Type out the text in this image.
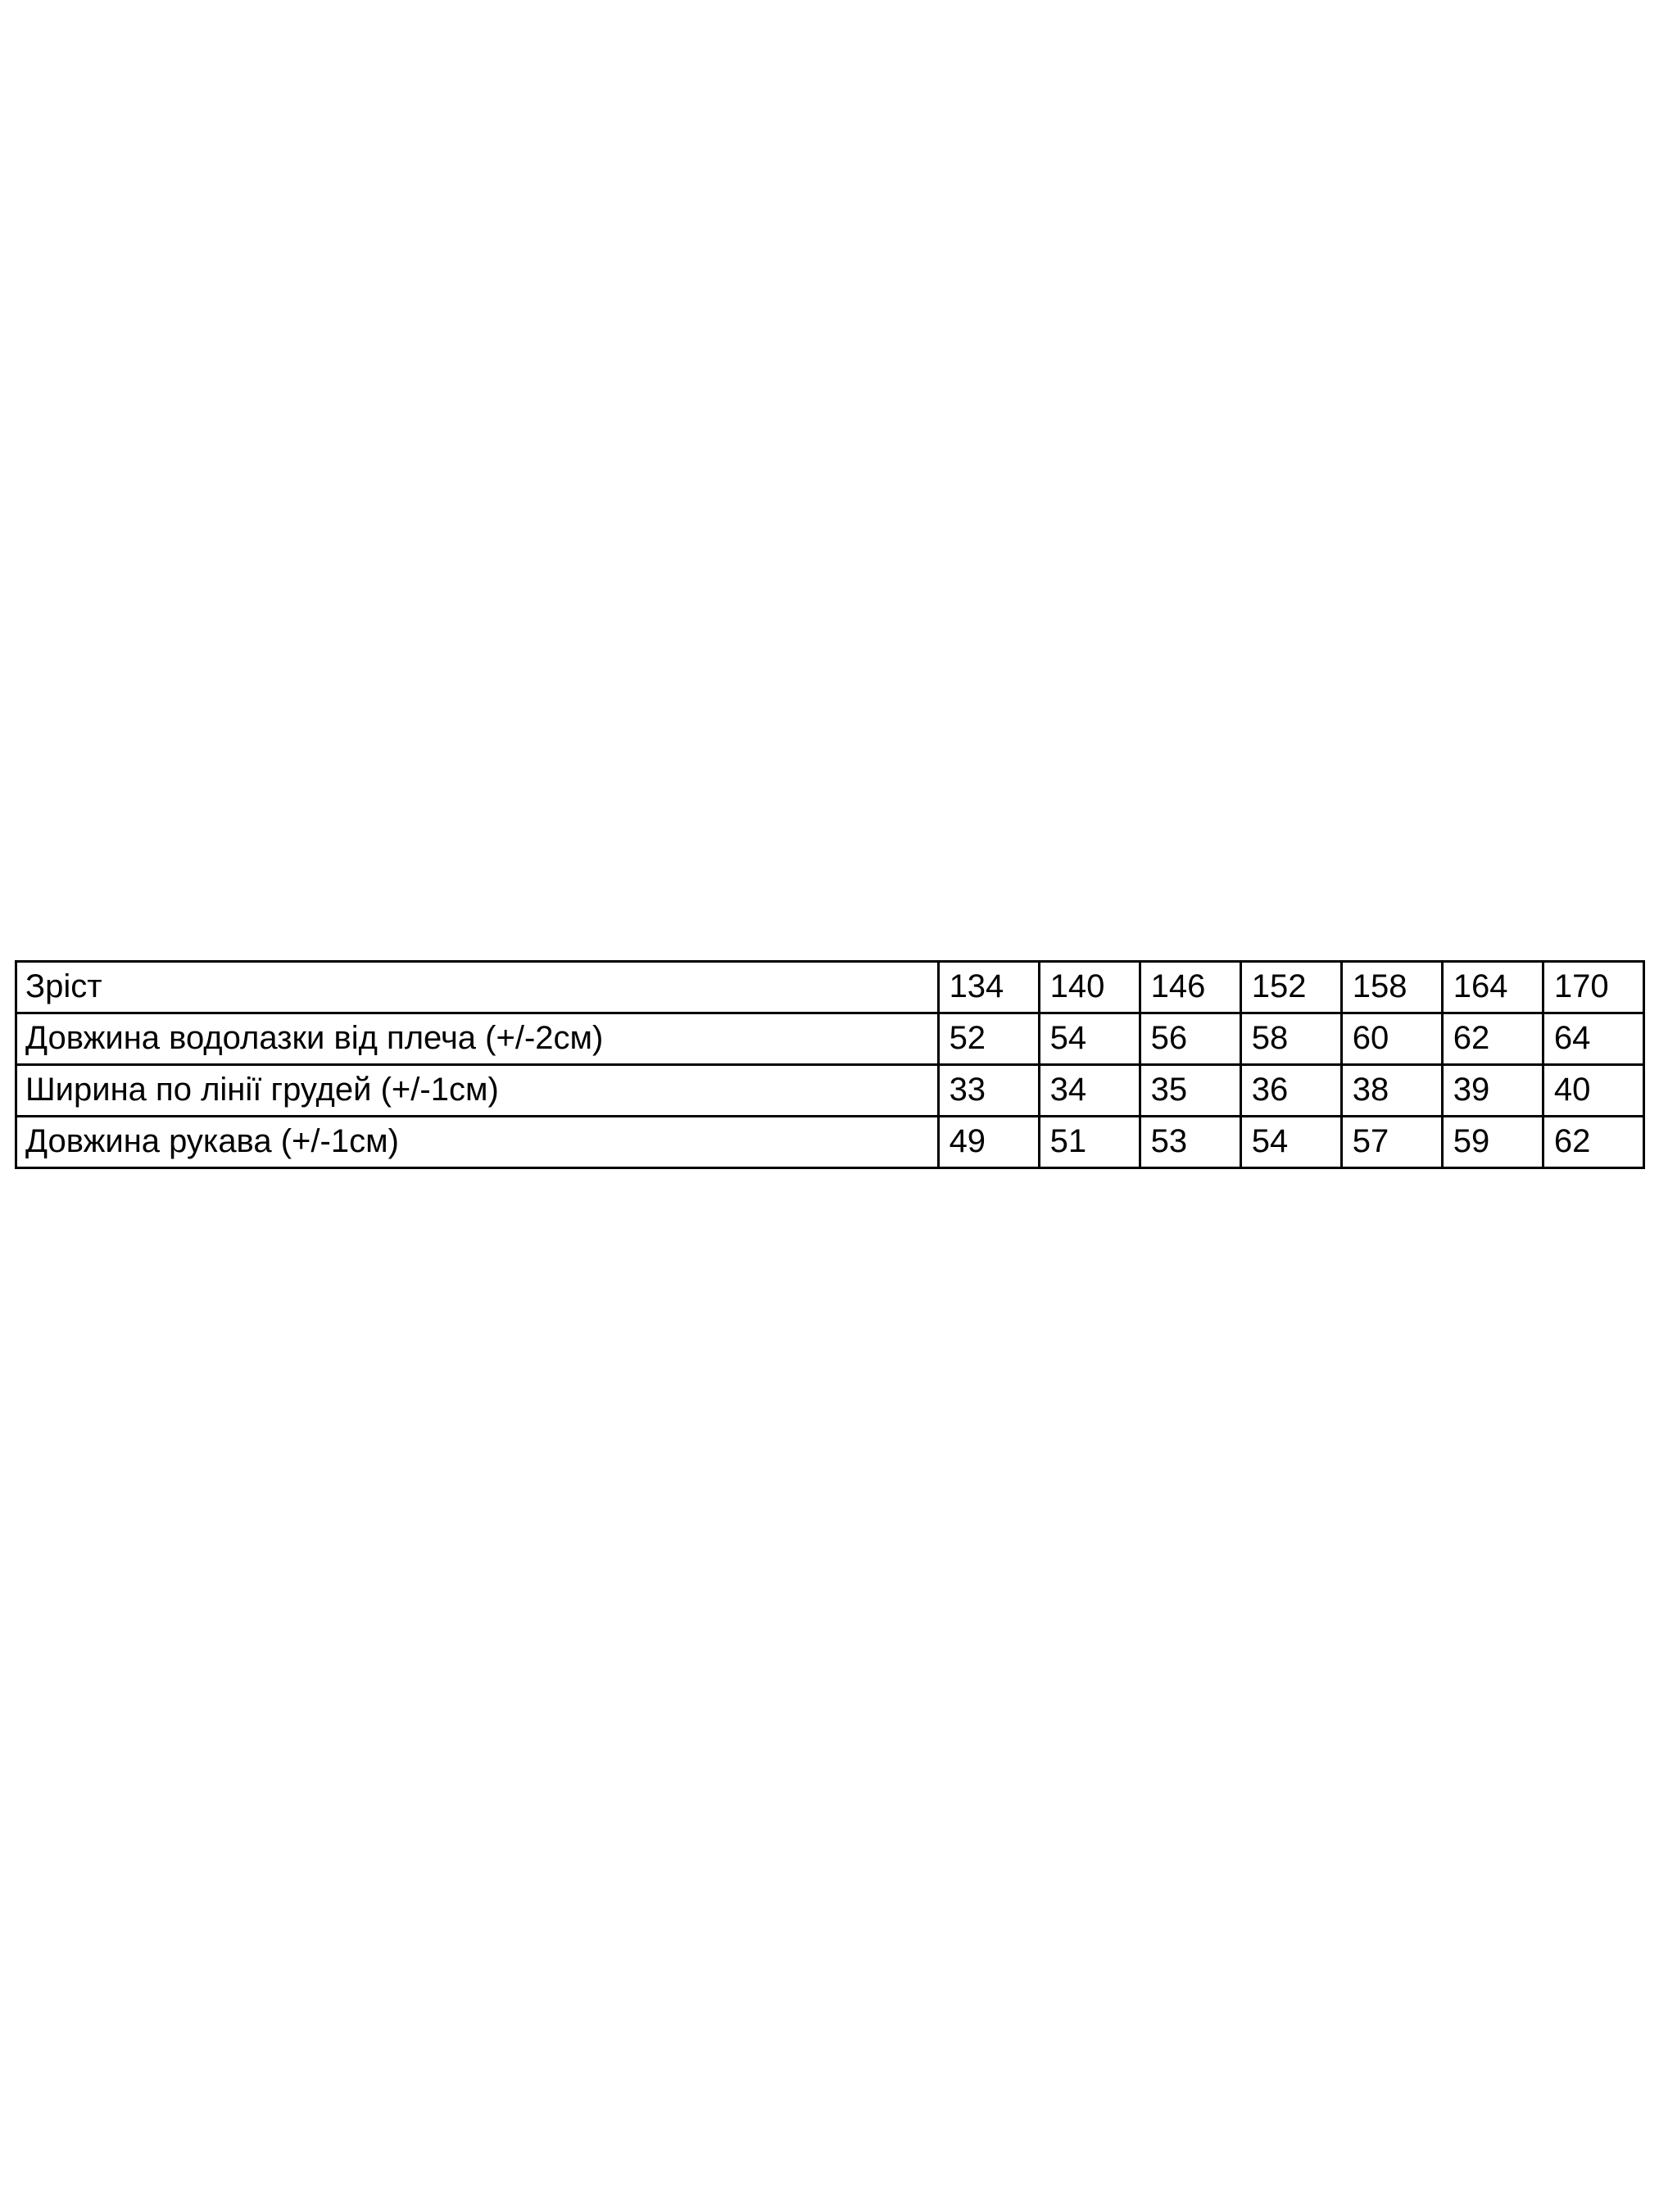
Зріст	134	140	146	152	158	164	170
Довжина водолазки від плеча (+/-2см)	52	54	56	58	60	62	64
Ширина по лінії грудей (+/-1см)	33	34	35	36	38	39	40
Довжина рукава (+/-1см)	49	51	53	54	57	59	62
